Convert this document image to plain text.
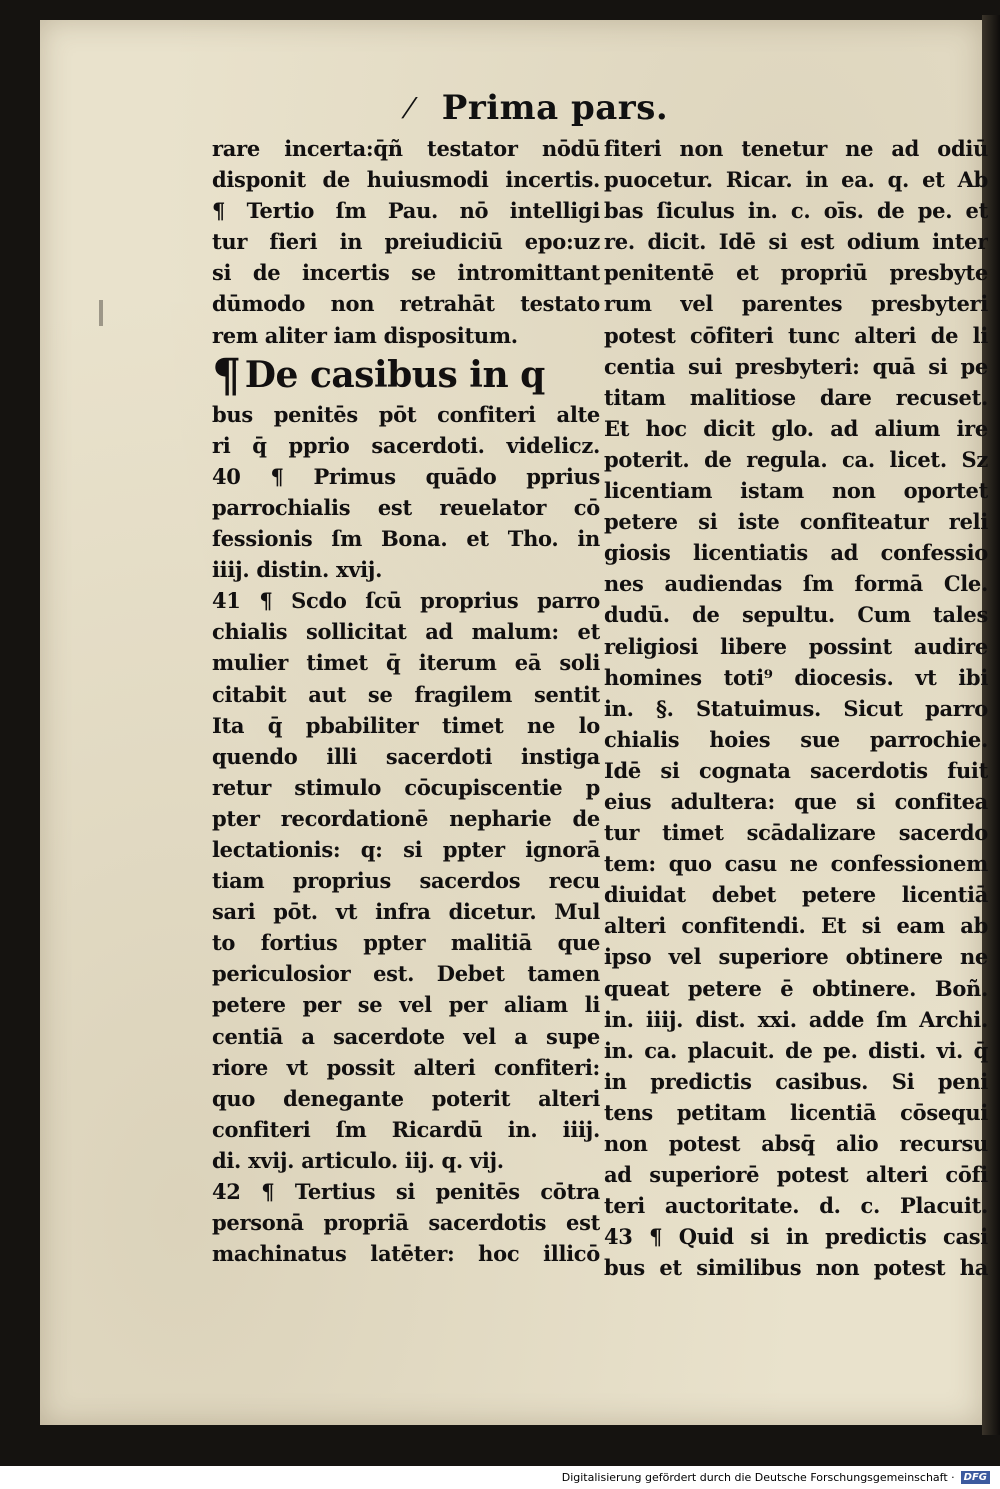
/ Prima pars.
rare incerta:q̄ñ testator nōdū
disponit de huiusmodi incertis.
¶ Tertio ſm Pau. nō intelligi
tur fieri in preiudiciū epo:uz
si de incertis se intromittant
dūmodo non retrahāt testato
rem aliter iam dispositum.
¶ De casibus in q
bus penitēs pōt confiteri alte
ri q̄ pprio sacerdoti. videlicz.
40 ¶ Primus quādo pprius
parrochialis est reuelator cō
fessionis ſm Bona. et Tho. in
iiij. distin. xvij.
41 ¶ Scdo ſcū proprius parro
chialis sollicitat ad malum: et
mulier timet q̄ iterum eā soli
citabit aut se fragilem sentit
Ita q̄ pbabiliter timet ne lo
quendo illi sacerdoti instiga
retur stimulo cōcupiscentie p
pter recordationē nepharie de
lectationis: q: si ppter ignorā
tiam proprius sacerdos recu
sari pōt. vt infra dicetur. Mul
to fortius ppter malitiā que
periculosior est. Debet tamen
petere per se vel per aliam li
centiā a sacerdote vel a supe
riore vt possit alteri confiteri:
quo denegante poterit alteri
confiteri ſm Ricardū in. iiij.
di. xvij. articulo. iij. q. vij.
42 ¶ Tertius si penitēs cōtra
personā propriā sacerdotis est
machinatus latēter: hoc illicō
fiteri non tenetur ne ad odiū
puocetur. Ricar. in ea. q. et Ab
bas ſiculus in. c. oīs. de pe. et
re. dicit. Idē si est odium inter
penitentē et propriū presbyte
rum vel parentes presbyteri
potest cōfiteri tunc alteri de li
centia sui presbyteri: quā si pe
titam malitiose dare recuset.
Et hoc dicit glo. ad alium ire
poterit. de regula. ca. licet. Sz
licentiam istam non oportet
petere si iste confiteatur reli
giosis licentiatis ad confessio
nes audiendas ſm formā Cle.
dudū. de sepultu. Cum tales
religiosi libere possint audire
homines toti⁹ diocesis. vt ibi
in. §. Statuimus. Sicut parro
chialis hoies sue parrochie.
Idē si cognata sacerdotis fuit
eius adultera: que si confitea
tur timet scādalizare sacerdo
tem: quo casu ne confessionem
diuidat debet petere licentiā
alteri confitendi. Et si eam ab
ipso vel superiore obtinere ne
queat petere ē obtinere. Boñ.
in. iiij. dist. xxi. adde ſm Archi.
in. ca. placuit. de pe. disti. vi. q̄
in predictis casibus. Si peni
tens petitam licentiā cōsequi
non potest absq̄ alio recursu
ad superiorē potest alteri cōfi
teri auctoritate. d. c. Placuit.
43 ¶ Quid si in predictis casi
bus et similibus non potest ha
Digitalisierung gefördert durch die Deutsche Forschungsgemeinschaft · DFG
